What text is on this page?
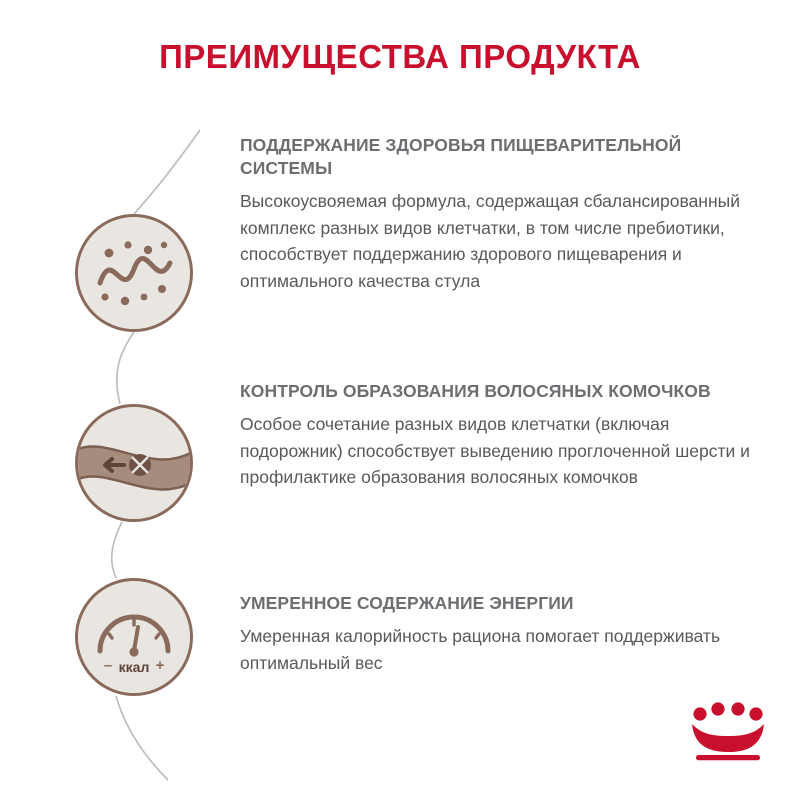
ПРЕИМУЩЕСТВА ПРОДУКТА
–	+
ккал
ПОДДЕРЖАНИЕ ЗДОРОВЬЯ ПИЩЕВАРИТЕЛЬНОЙ СИСТЕМЫ

Высокоусвояемая формула, содержащая сбалансированный комплекс разных видов клетчатки, в том числе пребиотики, способствует поддержанию здорового пищеварения и оптимального качества стула

КОНТРОЛЬ ОБРАЗОВАНИЯ ВОЛОСЯНЫХ КОМОЧКОВ

Особое сочетание разных видов клетчатки (включая подорожник) способствует выведению проглоченной шерсти и профилактике образования волосяных комочков

УМЕРЕННОЕ СОДЕРЖАНИЕ ЭНЕРГИИ

Умеренная калорийность рациона помогает поддерживать оптимальный вес
